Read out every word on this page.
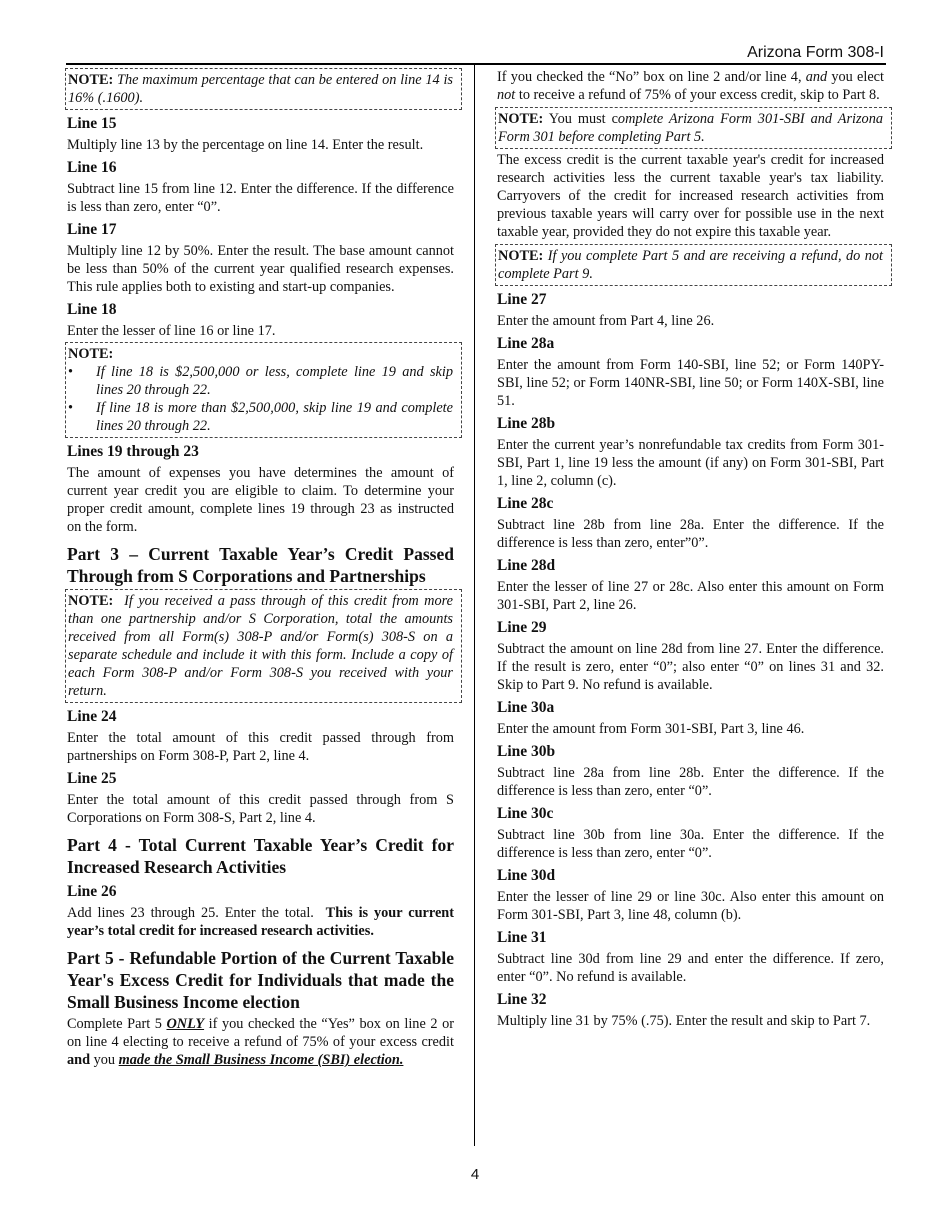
Arizona Form 308-I

NOTE: The maximum percentage that can be entered on line 14 is 16% (.1600).

Line 15

Multiply line 13 by the percentage on line 14. Enter the result.

Line 16

Subtract line 15 from line 12. Enter the difference. If the difference is less than zero, enter “0”.

Line 17

Multiply line 12 by 50%. Enter the result. The base amount cannot be less than 50% of the current year qualified research expenses. This rule applies both to existing and start-up companies.

Line 18

Enter the lesser of line 16 or line 17.

NOTE:

• If line 18 is $2,500,000 or less, complete line 19 and skip lines 20 through 22.
• If line 18 is more than $2,500,000, skip line 19 and complete lines 20 through 22.
Lines 19 through 23

The amount of expenses you have determines the amount of current year credit you are eligible to claim. To determine your proper credit amount, complete lines 19 through 23 as instructed on the form.

Part 3 – Current Taxable Year’s Credit Passed Through from S Corporations and Partnerships

NOTE: If you received a pass through of this credit from more than one partnership and/or S Corporation, total the amounts received from all Form(s) 308-P and/or Form(s) 308-S on a separate schedule and include it with this form. Include a copy of each Form 308-P and/or Form 308-S you received with your return.

Line 24

Enter the total amount of this credit passed through from partnerships on Form 308-P, Part 2, line 4.

Line 25

Enter the total amount of this credit passed through from S Corporations on Form 308-S, Part 2, line 4.

Part 4 - Total Current Taxable Year’s Credit for Increased Research Activities
Line 26

Add lines 23 through 25. Enter the total. This is your current year’s total credit for increased research activities.

Part 5 - Refundable Portion of the Current Taxable Year's Excess Credit for Individuals that made the Small Business Income election

Complete Part 5 ONLY if you checked the “Yes” box on line 2 or on line 4 electing to receive a refund of 75% of your excess credit and you made the Small Business Income (SBI) election.

If you checked the “No” box on line 2 and/or line 4, and you elect not to receive a refund of 75% of your excess credit, skip to Part 8.

NOTE: You must complete Arizona Form 301-SBI and Arizona Form 301 before completing Part 5.

The excess credit is the current taxable year's credit for increased research activities less the current taxable year's tax liability. Carryovers of the credit for increased research activities from previous taxable years will carry over for possible use in the next taxable year, provided they do not expire this taxable year.

NOTE: If you complete Part 5 and are receiving a refund, do not complete Part 9.

Line 27

Enter the amount from Part 4, line 26.

Line 28a

Enter the amount from Form 140-SBI, line 52; or Form 140PY-SBI, line 52; or Form 140NR-SBI, line 50; or Form 140X-SBI, line 51.

Line 28b

Enter the current year’s nonrefundable tax credits from Form 301-SBI, Part 1, line 19 less the amount (if any) on Form 301-SBI, Part 1, line 2, column (c).

Line 28c

Subtract line 28b from line 28a. Enter the difference. If the difference is less than zero, enter”0”.

Line 28d

Enter the lesser of line 27 or 28c. Also enter this amount on Form 301-SBI, Part 2, line 26.

Line 29

Subtract the amount on line 28d from line 27. Enter the difference. If the result is zero, enter “0”; also enter “0” on lines 31 and 32. Skip to Part 9. No refund is available.

Line 30a

Enter the amount from Form 301-SBI, Part 3, line 46.

Line 30b

Subtract line 28a from line 28b. Enter the difference. If the difference is less than zero, enter “0”.

Line 30c

Subtract line 30b from line 30a. Enter the difference. If the difference is less than zero, enter “0”.

Line 30d

Enter the lesser of line 29 or line 30c. Also enter this amount on Form 301-SBI, Part 3, line 48, column (b).

Line 31

Subtract line 30d from line 29 and enter the difference. If zero, enter “0”. No refund is available.

Line 32

Multiply line 31 by 75% (.75). Enter the result and skip to Part 7.

4
